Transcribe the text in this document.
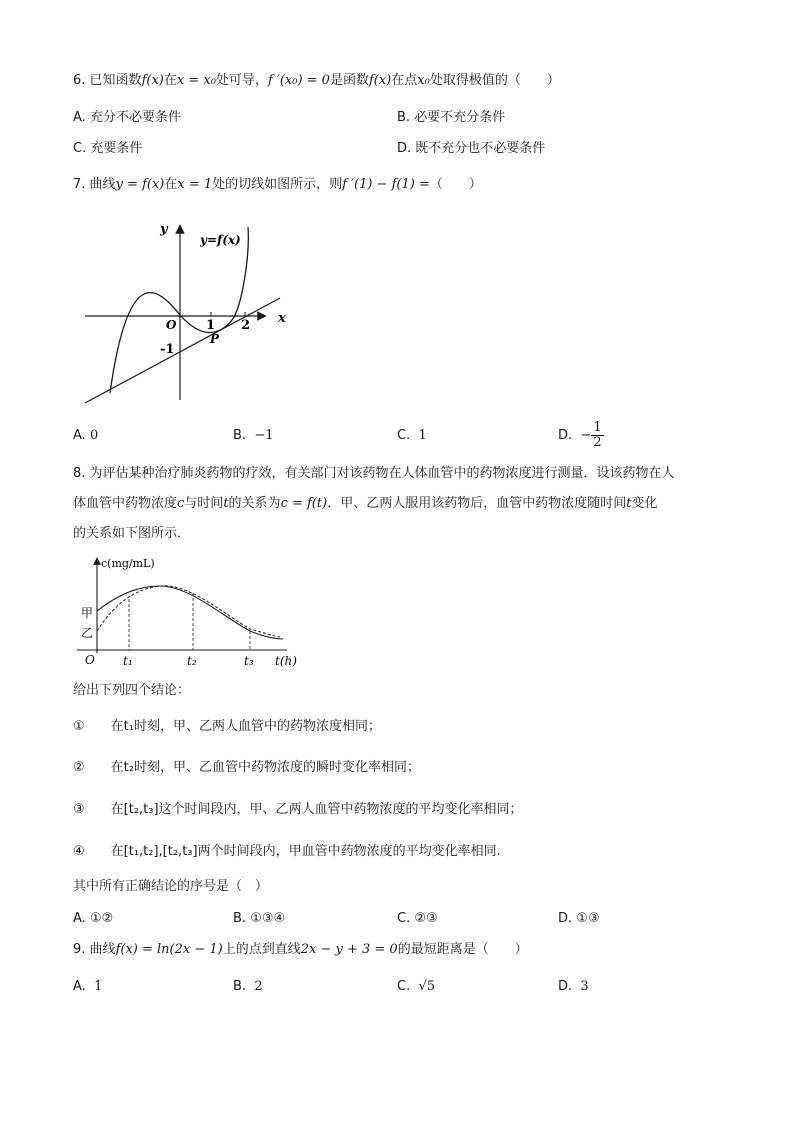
6. 已知函数f(x)在x = x₀处可导，f ′(x₀) = 0是函数f(x)在点x₀处取得极值的（　　）
A. 充分不必要条件	B. 必要不充分条件
C. 充要条件	D. 既不充分也不必要条件
7. 曲线y = f(x)在x = 1处的切线如图所示，则f ′(1) − f(1) =（　　）
y
y=f(x)
x
O 1 2
-1
P
A. 0	B. −1	C. 1	D. − $\frac{1}{2}$
8. 为评估某种治疗肺炎药物的疗效，有关部门对该药物在人体血管中的药物浓度进行测量．设该药物在人
体血管中药物浓度c与时间t的关系为c = f(t)．甲、乙两人服用该药物后，血管中药物浓度随时间t变化
的关系如下图所示．
c(mg/mL)
甲
乙
O t₁	t₂	t₃ t(h)
给出下列四个结论：
① 在t₁时刻，甲、乙两人血管中的药物浓度相同；
② 在t₂时刻，甲、乙血管中药物浓度的瞬时变化率相同；
③ 在[t₂,t₃]这个时间段内，甲、乙两人血管中药物浓度的平均变化率相同；
④ 在[t₁,t₂],[t₂,t₃]两个时间段内，甲血管中药物浓度的平均变化率相同.
其中所有正确结论的序号是（　）
A. ①②	B. ①③④	C. ②③	D. ①③
9. 曲线f(x) = ln(2x − 1)上的点到直线2x − y + 3 = 0的最短距离是（　　）
A. 1	B. 2	C. √5	D. 3
